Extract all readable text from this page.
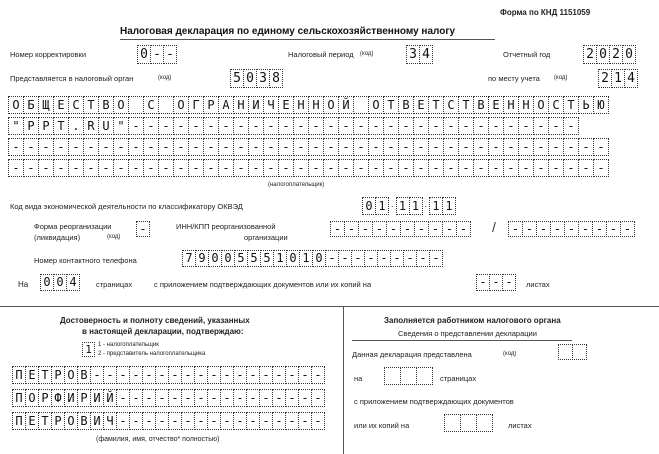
Форма по КНД 1151059
Налоговая декларация по единому сельскохозяйственному налогу
Номер корректировки	0 - -	Налоговый период (код)	3 4	Отчетный год	2 0 2 0
Представляется в налоговый орган	(код)	5 0 3 8	по месту учета (код)	2 1 4
О Б Щ Е С Т В О	С	О Г Р А Н И Ч Е Н Н О Й	О Т В Е Т С Т В Е Н Н О С Т Ь Ю
" P P T . R U " - - - - - - - - - - - - - - - - - - - - - - - - - - - - - -
- - - - - - - - - - - - - - - - - - - - - - - - - - - - - - - - - - - - - - - -
- - - - - - - - - - - - - - - - - - - - - - - - - - - - - - - - - - - - - - - -
(налогоплательщик)
Код вида экономической деятельности по классификатору ОКВЭД	0 1 . 1 1 . 1 1
Форма реорганизации
(ликвидация)	(код)
-	ИНН/КПП реорганизованной
организации
- - - - - - - - - - /	- - - - - - - - -
Номер контактного телефона	7 9 0 0 5 5 5 1 0 1 0 - - - - - - - - -
На 0 0 4	страницах	с приложением подтверждающих документов или их копий на	- - -	листах
Достоверность и полноту сведений, указанных
в настоящей декларации, подтверждаю:
1	1 - налогоплательщик
2 - представитель налогоплательщика
П Е Т Р О В - - - - - - - - - - - - - - - - - -
П О Р Ф И Р И Й - - - - - - - - - - - - - - - -
П Е Т Р О В И Ч - - - - - - - - - - - - - - - -
(фамилия, имя, отчество* полностью)
Заполняется работником налогового органа
Сведения о представлении декларации
Данная декларация представлена	(код)
на	страницах
с приложением подтверждающих документов
или их копий на	листах
